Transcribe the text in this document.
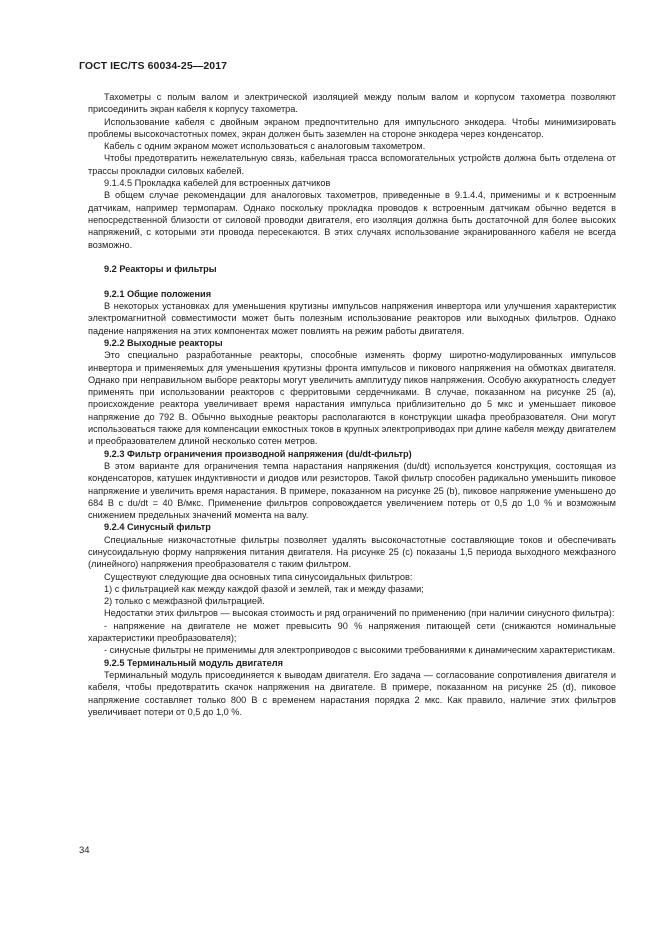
ГОСТ IEC/TS 60034-25—2017

Тахометры с полым валом и электрической изоляцией между полым валом и корпусом тахометра позволяют присоединить экран кабеля к корпусу тахометра.

Использование кабеля с двойным экраном предпочтительно для импульсного энкодера. Чтобы минимизировать проблемы высокочастотных помех, экран должен быть заземлен на стороне энкодера через конденсатор.

Кабель с одним экраном может использоваться с аналоговым тахометром.

Чтобы предотвратить нежелательную связь, кабельная трасса вспомогательных устройств должна быть отделена от трассы прокладки силовых кабелей.

9.1.4.5 Прокладка кабелей для встроенных датчиков

В общем случае рекомендации для аналоговых тахометров, приведенные в 9.1.4.4, применимы и к встроенным датчикам, например термопарам. Однако поскольку прокладка проводов к встроенным датчикам обычно ведется в непосредственной близости от силовой проводки двигателя, его изоляция должна быть достаточной для более высоких напряжений, с которыми эти провода пересекаются. В этих случаях использование экранированного кабеля не всегда возможно.

9.2 Реакторы и фильтры

9.2.1 Общие положения

В некоторых установках для уменьшения крутизны импульсов напряжения инвертора или улучшения характеристик электромагнитной совместимости может быть полезным использование реакторов или выходных фильтров. Однако падение напряжения на этих компонентах может повлиять на режим работы двигателя.

9.2.2 Выходные реакторы

Это специально разработанные реакторы, способные изменять форму широтно-модулированных импульсов инвертора и применяемых для уменьшения крутизны фронта импульсов и пикового напряжения на обмотках двигателя. Однако при неправильном выборе реакторы могут увеличить амплитуду пиков напряжения. Особую аккуратность следует применять при использовании реакторов с ферритовыми сердечниками. В случае, показанном на рисунке 25 (а), происхождение реактора увеличивает время нарастания импульса приблизительно до 5 мкс и уменьшает пиковое напряжение до 792 В. Обычно выходные реакторы располагаются в конструкции шкафа преобразователя. Они могут использоваться также для компенсации емкостных токов в крупных электроприводах при длине кабеля между двигателем и преобразователем длиной несколько сотен метров.

9.2.3 Фильтр ограничения производной напряжения (du/dt-фильтр)

В этом варианте для ограничения темпа нарастания напряжения (du/dt) используется конструкция, состоящая из конденсаторов, катушек индуктивности и диодов или резисторов. Такой фильтр способен радикально уменьшить пиковое напряжение и увеличить время нарастания. В примере, показанном на рисунке 25 (b), пиковое напряжение уменьшено до 684 В с du/dt = 40 В/мкс. Применение фильтров сопровождается увеличением потерь от 0,5 до 1,0 % и возможным снижением предельных значений момента на валу.

9.2.4 Синусный фильтр

Специальные низкочастотные фильтры позволяет удалять высокочастотные составляющие токов и обеспечивать синусоидальную форму напряжения питания двигателя. На рисунке 25 (с) показаны 1,5 периода выходного межфазного (линейного) напряжения преобразователя с таким фильтром.

Существуют следующие два основных типа синусоидальных фильтров:

1) с фильтрацией как между каждой фазой и землей, так и между фазами;

2) только с межфазной фильтрацией.

Недостатки этих фильтров — высокая стоимость и ряд ограничений по применению (при наличии синусного фильтра):

- напряжение на двигателе не может превысить 90 % напряжения питающей сети (снижаются номинальные характеристики преобразователя);

- синусные фильтры не применимы для электроприводов с высокими требованиями к динамическим характеристикам.

9.2.5 Терминальный модуль двигателя

Терминальный модуль присоединяется к выводам двигателя. Его задача — согласование сопротивления двигателя и кабеля, чтобы предотвратить скачок напряжения на двигателе. В примере, показанном на рисунке 25 (d), пиковое напряжение составляет только 800 В с временем нарастания порядка 2 мкс. Как правило, наличие этих фильтров увеличивает потери от 0,5 до 1,0 %.

34
